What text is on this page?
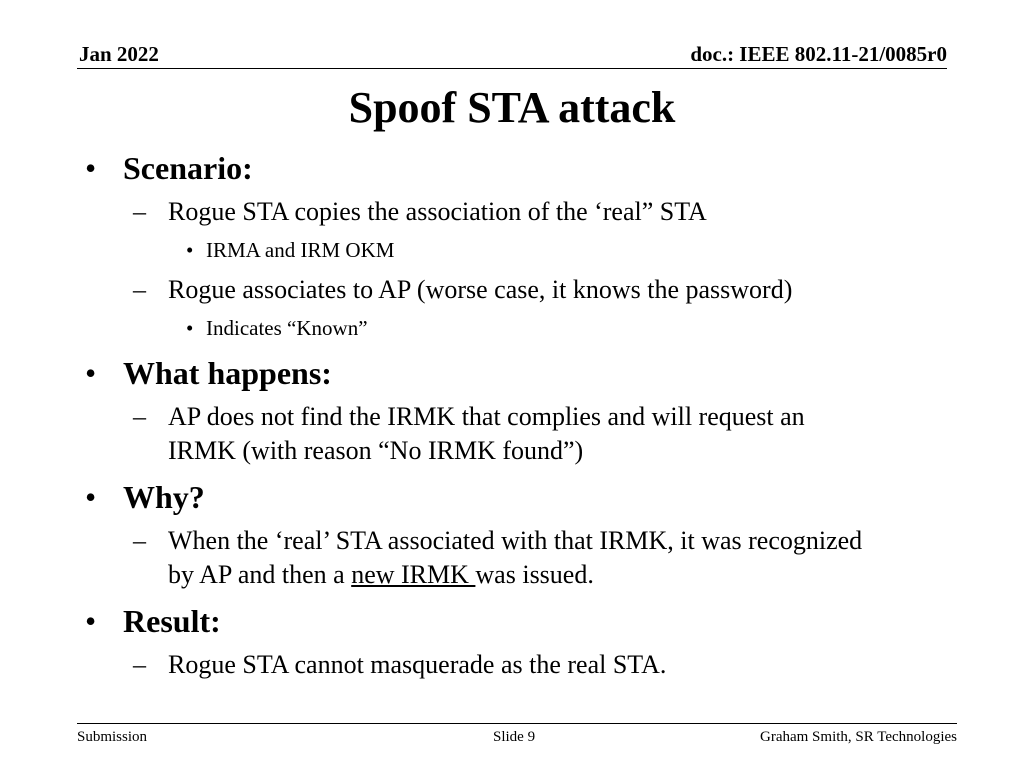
Jan 2022	doc.: IEEE 802.11-21/0085r0
Spoof STA attack
• Scenario:
– Rogue STA copies the association of the ‘real” STA
• IRMA and IRM OKM
– Rogue associates to AP (worse case, it knows the password)
• Indicates “Known”
• What happens:
– AP does not find the IRMK that complies and will request an
IRMK (with reason “No IRMK found”)
• Why?
– When the ‘real’ STA associated with that IRMK, it was recognized
by AP and then a new IRMK was issued.
• Result:
– Rogue STA cannot masquerade as the real STA.
Submission	Slide 9	Graham Smith, SR Technologies
